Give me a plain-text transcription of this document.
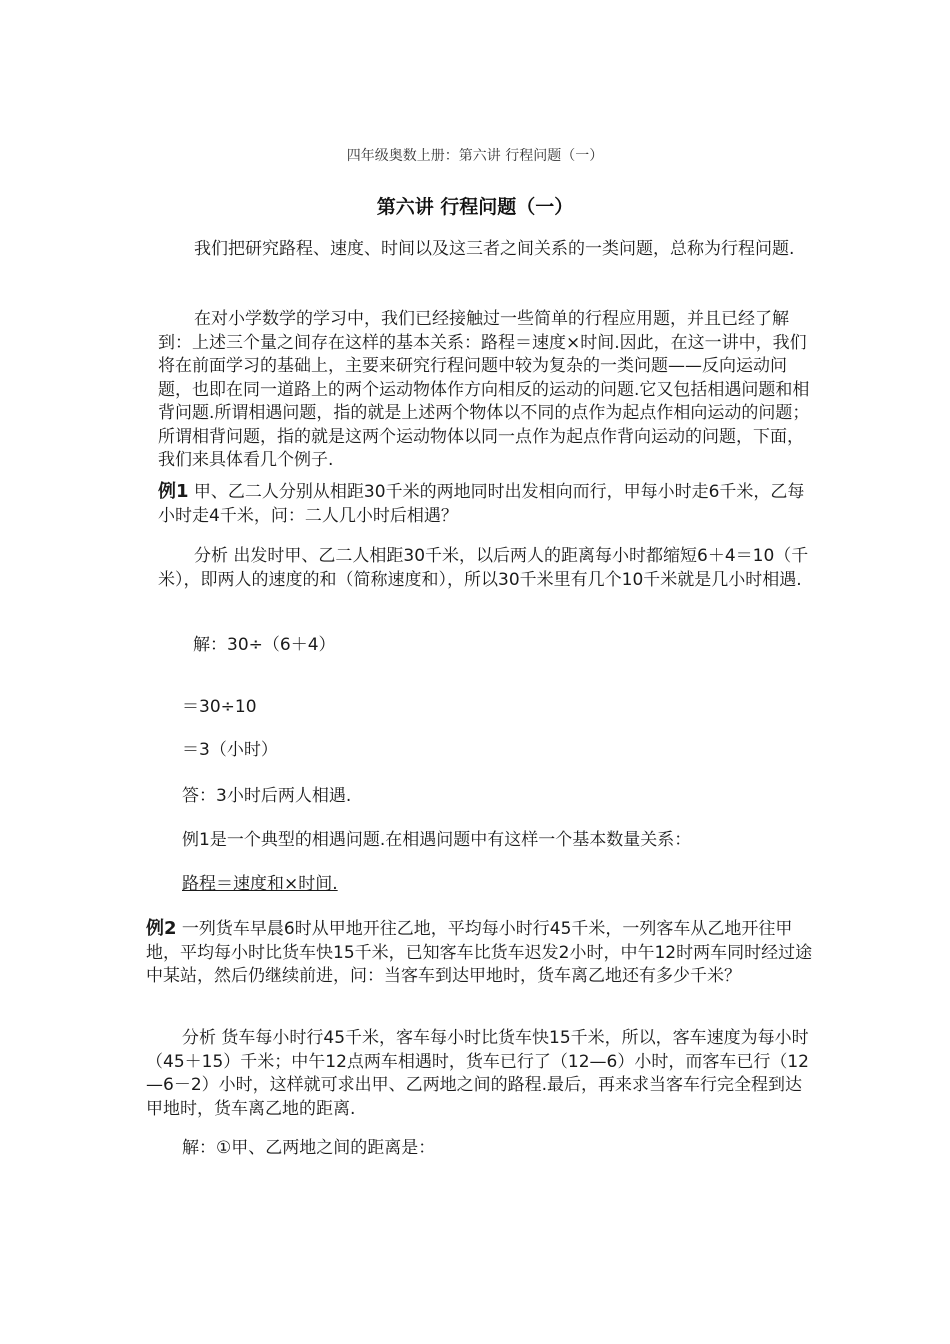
四年级奥数上册：第六讲 行程问题（一）
第六讲 行程问题（一）
我们把研究路程、速度、时间以及这三者之间关系的一类问题，总称为行程问题.
在对小学数学的学习中，我们已经接触过一些简单的行程应用题，并且已经了解到：上述三个量之间存在这样的基本关系：路程＝速度×时间.因此，在这一讲中，我们将在前面学习的基础上，主要来研究行程问题中较为复杂的一类问题——反向运动问题，也即在同一道路上的两个运动物体作方向相反的运动的问题.它又包括相遇问题和相背问题.所谓相遇问题，指的就是上述两个物体以不同的点作为起点作相向运动的问题；所谓相背问题，指的就是这两个运动物体以同一点作为起点作背向运动的问题，下面，我们来具体看几个例子.
例1 甲、乙二人分别从相距30千米的两地同时出发相向而行，甲每小时走6千米，乙每小时走4千米，问：二人几小时后相遇？
分析 出发时甲、乙二人相距30千米，以后两人的距离每小时都缩短6＋4＝10（千米），即两人的速度的和（简称速度和），所以30千米里有几个10千米就是几小时相遇.
解：30÷（6＋4）
＝30÷10
＝3（小时）
答：3小时后两人相遇.
例1是一个典型的相遇问题.在相遇问题中有这样一个基本数量关系：
路程＝速度和×时间.
例2 一列货车早晨6时从甲地开往乙地，平均每小时行45千米，一列客车从乙地开往甲地，平均每小时比货车快15千米，已知客车比货车迟发2小时，中午12时两车同时经过途中某站，然后仍继续前进，问：当客车到达甲地时，货车离乙地还有多少千米？
分析 货车每小时行45千米，客车每小时比货车快15千米，所以，客车速度为每小时（45＋15）千米；中午12点两车相遇时，货车已行了（12—6）小时，而客车已行（12—6－2）小时，这样就可求出甲、乙两地之间的路程.最后，再来求当客车行完全程到达甲地时，货车离乙地的距离.
解：①甲、乙两地之间的距离是：
